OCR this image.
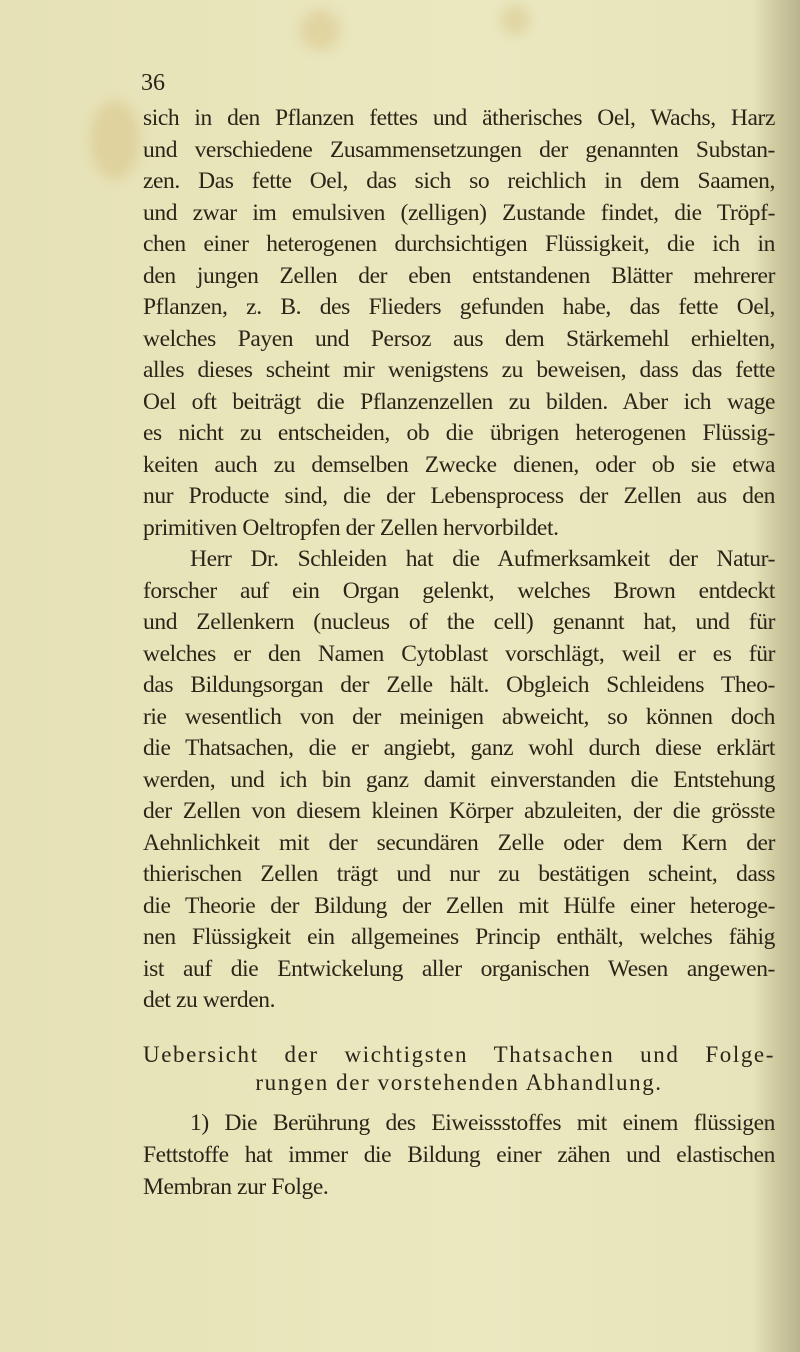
36
sich in den Pflanzen fettes und ätherisches Oel, Wachs, Harz
und verschiedene Zusammensetzungen der genannten Substan-
zen. Das fette Oel, das sich so reichlich in dem Saamen,
und zwar im emulsiven (zelligen) Zustande findet, die Tröpf-
chen einer heterogenen durchsichtigen Flüssigkeit, die ich in
den jungen Zellen der eben entstandenen Blätter mehrerer
Pflanzen, z. B. des Flieders gefunden habe, das fette Oel,
welches Payen und Persoz aus dem Stärkemehl erhielten,
alles dieses scheint mir wenigstens zu beweisen, dass das fette
Oel oft beiträgt die Pflanzenzellen zu bilden. Aber ich wage
es nicht zu entscheiden, ob die übrigen heterogenen Flüssig-
keiten auch zu demselben Zwecke dienen, oder ob sie etwa
nur Producte sind, die der Lebensprocess der Zellen aus den
primitiven Oeltropfen der Zellen hervorbildet.
Herr Dr. Schleiden hat die Aufmerksamkeit der Natur-
forscher auf ein Organ gelenkt, welches Brown entdeckt
und Zellenkern (nucleus of the cell) genannt hat, und für
welches er den Namen Cytoblast vorschlägt, weil er es für
das Bildungsorgan der Zelle hält. Obgleich Schleidens Theo-
rie wesentlich von der meinigen abweicht, so können doch
die Thatsachen, die er angiebt, ganz wohl durch diese erklärt
werden, und ich bin ganz damit einverstanden die Entstehung
der Zellen von diesem kleinen Körper abzuleiten, der die grösste
Aehnlichkeit mit der secundären Zelle oder dem Kern der
thierischen Zellen trägt und nur zu bestätigen scheint, dass
die Theorie der Bildung der Zellen mit Hülfe einer heteroge-
nen Flüssigkeit ein allgemeines Princip enthält, welches fähig
ist auf die Entwickelung aller organischen Wesen angewen-
det zu werden.
Uebersicht der wichtigsten Thatsachen und Folge-
rungen der vorstehenden Abhandlung.
1) Die Berührung des Eiweissstoffes mit einem flüssigen
Fettstoffe hat immer die Bildung einer zähen und elastischen
Membran zur Folge.
